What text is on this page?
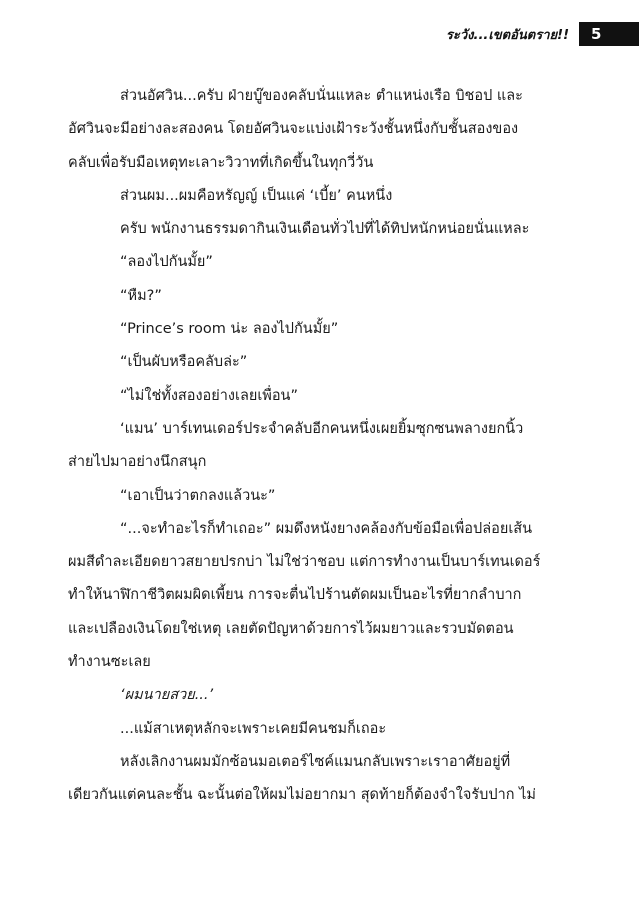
ระวัง...เขตอันตราย!!	5
ส่วนอัศวิน...ครับ ฝ่ายบู๊ของคลับนั่นแหละ ตำแหน่งเรือ บิชอป และ
อัศวินจะมีอย่างละสองคน โดยอัศวินจะแบ่งเฝ้าระวังชั้นหนึ่งกับชั้นสองของ
คลับเพื่อรับมือเหตุทะเลาะวิวาทที่เกิดขึ้นในทุกวี่วัน
ส่วนผม...ผมคือหรัญญ์ เป็นแค่ ‘เบี้ย’ คนหนึ่ง
ครับ พนักงานธรรมดากินเงินเดือนทั่วไปที่ได้ทิปหนักหน่อยนั่นแหละ
“ลองไปกันมั้ย”
“หืม?”
“Prince’s room น่ะ ลองไปกันมั้ย”
“เป็นผับหรือคลับล่ะ”
“ไม่ใช่ทั้งสองอย่างเลยเพื่อน”
‘แมน’ บาร์เทนเดอร์ประจำคลับอีกคนหนึ่งเผยยิ้มซุกซนพลางยกนิ้ว
ส่ายไปมาอย่างนึกสนุก
“เอาเป็นว่าตกลงแล้วนะ”
“...จะทำอะไรก็ทำเถอะ” ผมดึงหนังยางคล้องกับข้อมือเพื่อปล่อยเส้น
ผมสีดำละเอียดยาวสยายปรกบ่า ไม่ใช่ว่าชอบ แต่การทำงานเป็นบาร์เทนเดอร์
ทำให้นาฬิกาชีวิตผมผิดเพี้ยน การจะตื่นไปร้านตัดผมเป็นอะไรที่ยากลำบาก
และเปลืองเงินโดยใช่เหตุ เลยตัดปัญหาด้วยการไว้ผมยาวและรวบมัดตอน
ทำงานซะเลย
‘ผมนายสวย...’
...แม้สาเหตุหลักจะเพราะเคยมีคนชมก็เถอะ
หลังเลิกงานผมมักซ้อนมอเตอร์ไซค์แมนกลับเพราะเราอาศัยอยู่ที่
เดียวกันแต่คนละชั้น ฉะนั้นต่อให้ผมไม่อยากมา สุดท้ายก็ต้องจำใจรับปาก ไม่
